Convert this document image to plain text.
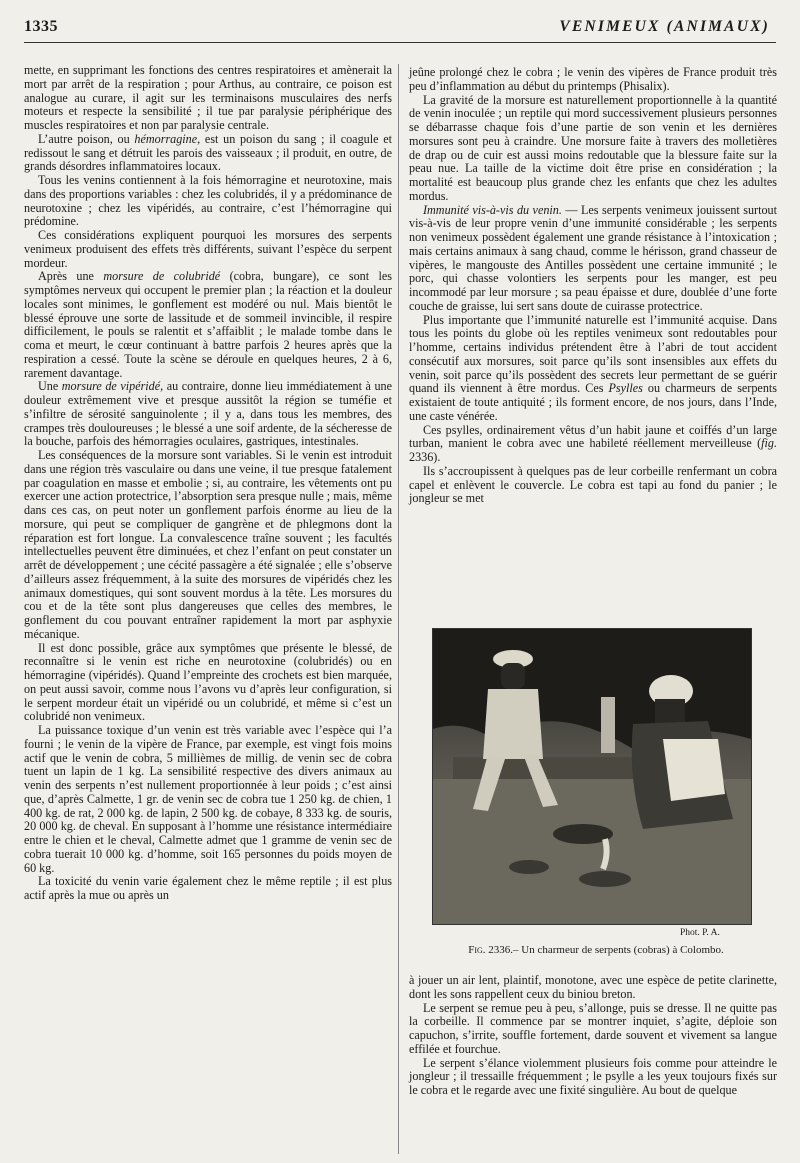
1335	VENIMEUX (ANIMAUX)

mette, en supprimant les fonctions des centres respiratoires et amènerait la mort par arrêt de la respiration ; pour Arthus, au contraire, ce poison est analogue au curare, il agit sur les terminaisons musculaires des nerfs moteurs et respecte la sensibilité ; il tue par paralysie périphérique des muscles respiratoires et non par paralysie centrale.

L’autre poison, ou hémorragine, est un poison du sang ; il coagule et redissout le sang et détruit les parois des vaisseaux ; il produit, en outre, de grands désordres inflammatoires locaux.

Tous les venins contiennent à la fois hémorragine et neurotoxine, mais dans des proportions variables : chez les colubridés, il y a prédominance de neurotoxine ; chez les vipéridés, au contraire, c’est l’hémorragine qui prédomine.

Ces considérations expliquent pourquoi les morsures des serpents venimeux produisent des effets très différents, suivant l’espèce du serpent mordeur.

Après une morsure de colubridé (cobra, bungare), ce sont les symptômes nerveux qui occupent le premier plan ; la réaction et la douleur locales sont minimes, le gonflement est modéré ou nul. Mais bientôt le blessé éprouve une sorte de lassitude et de sommeil invincible, il respire difficilement, le pouls se ralentit et s’affaiblit ; le malade tombe dans le coma et meurt, le cœur continuant à battre parfois 2 heures après que la respiration a cessé. Toute la scène se déroule en quelques heures, 2 à 6, rarement davantage.

Une morsure de vipéridé, au contraire, donne lieu immédiatement à une douleur extrêmement vive et presque aussitôt la région se tuméfie et s’infiltre de sérosité sanguinolente ; il y a, dans tous les membres, des crampes très douloureuses ; le blessé a une soif ardente, de la sécheresse de la bouche, parfois des hémorragies oculaires, gastriques, intestinales.

Les conséquences de la morsure sont variables. Si le venin est introduit dans une région très vasculaire ou dans une veine, il tue presque fatalement par coagulation en masse et embolie ; si, au contraire, les vêtements ont pu exercer une action protectrice, l’absorption sera presque nulle ; mais, même dans ces cas, on peut noter un gonflement parfois énorme au lieu de la morsure, qui peut se compliquer de gangrène et de phlegmons dont la réparation est fort longue. La convalescence traîne souvent ; les facultés intellectuelles peuvent être diminuées, et chez l’enfant on peut constater un arrêt de développement ; une cécité passagère a été signalée ; elle s’observe d’ailleurs assez fréquemment, à la suite des morsures de vipéridés chez les animaux domestiques, qui sont souvent mordus à la tête. Les morsures du cou et de la tête sont plus dangereuses que celles des membres, le gonflement du cou pouvant entraîner rapidement la mort par asphyxie mécanique.

Il est donc possible, grâce aux symptômes que présente le blessé, de reconnaître si le venin est riche en neurotoxine (colubridés) ou en hémorragine (vipéridés). Quand l’empreinte des crochets est bien marquée, on peut aussi savoir, comme nous l’avons vu d’après leur configuration, si le serpent mordeur était un vipéridé ou un colubridé, et même si c’est un colubridé non venimeux.

La puissance toxique d’un venin est très variable avec l’espèce qui l’a fourni ; le venin de la vipère de France, par exemple, est vingt fois moins actif que le venin de cobra, 5 millièmes de millig. de venin sec de cobra tuent un lapin de 1 kg. La sensibilité respective des divers animaux au venin des serpents n’est nullement proportionnée à leur poids ; c’est ainsi que, d’après Calmette, 1 gr. de venin sec de cobra tue 1 250 kg. de chien, 1 400 kg. de rat, 2 000 kg. de lapin, 2 500 kg. de cobaye, 8 333 kg. de souris, 20 000 kg. de cheval. En supposant à l’homme une résistance intermédiaire entre le chien et le cheval, Calmette admet que 1 gramme de venin sec de cobra tuerait 10 000 kg. d’homme, soit 165 personnes du poids moyen de 60 kg.

La toxicité du venin varie également chez le même reptile ; il est plus actif après la mue ou après un

jeûne prolongé chez le cobra ; le venin des vipères de France produit très peu d’inflammation au début du printemps (Phisalix).

La gravité de la morsure est naturellement proportionnelle à la quantité de venin inoculée ; un reptile qui mord successivement plusieurs personnes se débarrasse chaque fois d’une partie de son venin et les dernières morsures sont peu à craindre. Une morsure faite à travers des molletières de drap ou de cuir est aussi moins redoutable que la blessure faite sur la peau nue. La taille de la victime doit être prise en considération ; la mortalité est beaucoup plus grande chez les enfants que chez les adultes mordus.

Immunité vis-à-vis du venin. — Les serpents venimeux jouissent surtout vis-à-vis de leur propre venin d’une immunité considérable ; les serpents non venimeux possèdent également une grande résistance à l’intoxication ; mais certains animaux à sang chaud, comme le hérisson, grand chasseur de vipères, le mangouste des Antilles possèdent une certaine immunité ; le porc, qui chasse volontiers les serpents pour les manger, est peu incommodé par leur morsure ; sa peau épaisse et dure, doublée d’une forte couche de graisse, lui sert sans doute de cuirasse protectrice.

Plus importante que l’immunité naturelle est l’immunité acquise. Dans tous les points du globe où les reptiles venimeux sont redoutables pour l’homme, certains individus prétendent être à l’abri de tout accident consécutif aux morsures, soit parce qu’ils sont insensibles aux effets du venin, soit parce qu’ils possèdent des secrets leur permettant de se guérir quand ils viennent à être mordus. Ces Psylles ou charmeurs de serpents existaient de toute antiquité ; ils forment encore, de nos jours, dans l’Inde, une caste vénérée.

Ces psylles, ordinairement vêtus d’un habit jaune et coiffés d’un large turban, manient le cobra avec une habileté réellement merveilleuse (fig. 2336).

Ils s’accroupissent à quelques pas de leur corbeille renfermant un cobra capel et enlèvent le couvercle. Le cobra est tapi au fond du panier ; le jongleur se met

Phot. P. A.
Fig. 2336.– Un charmeur de serpents (cobras) à Colombo.

à jouer un air lent, plaintif, monotone, avec une espèce de petite clarinette, dont les sons rappellent ceux du biniou breton.

Le serpent se remue peu à peu, s’allonge, puis se dresse. Il ne quitte pas la corbeille. Il commence par se montrer inquiet, s’agite, déploie son capuchon, s’irrite, souffle fortement, darde souvent et vivement sa langue effilée et fourchue.

Le serpent s’élance violemment plusieurs fois comme pour atteindre le jongleur ; il tressaille fréquemment ; le psylle a les yeux toujours fixés sur le cobra et le regarde avec une fixité singulière. Au bout de quelque
